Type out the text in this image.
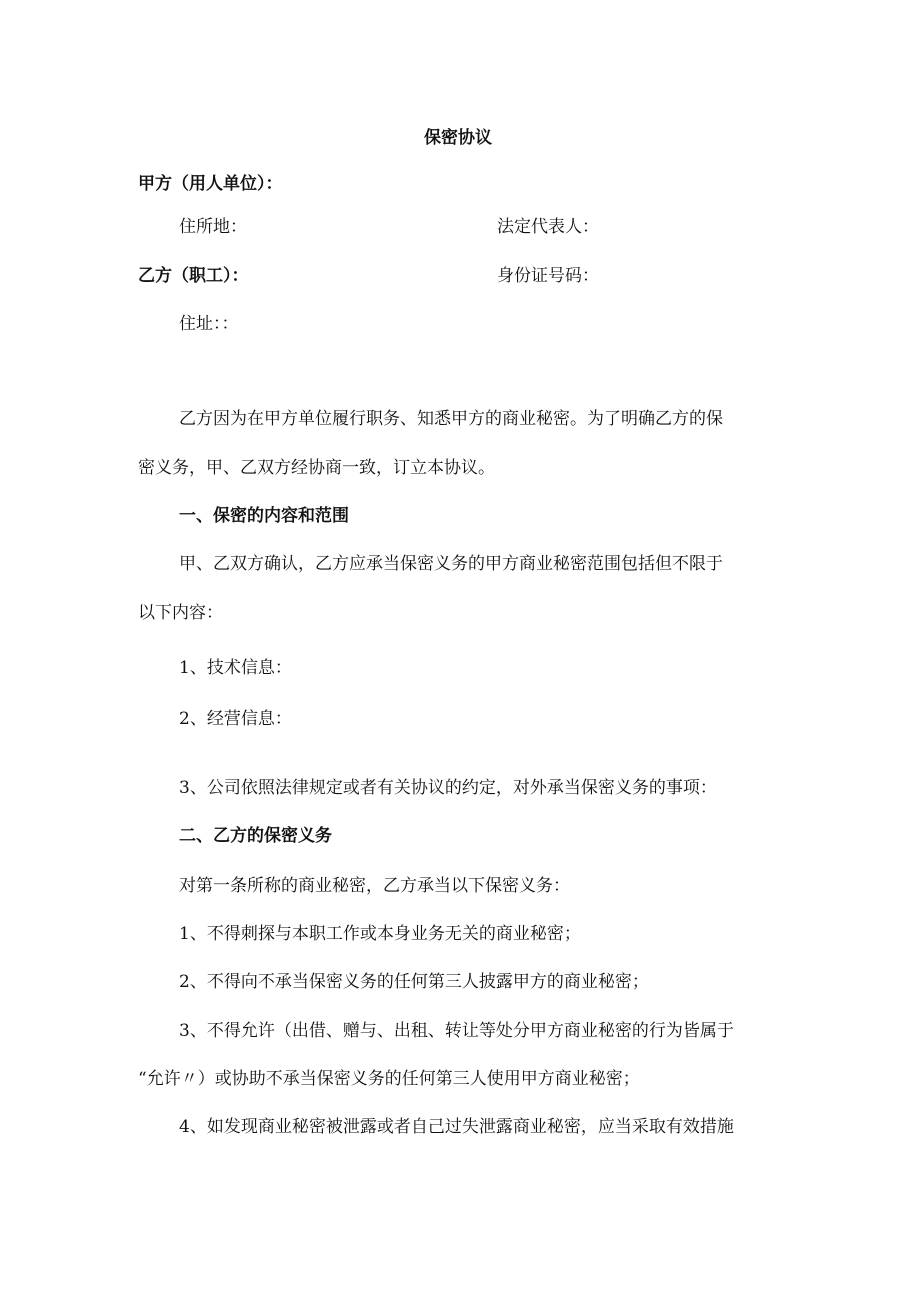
保密协议
甲方（用人单位）：
住所地：	法定代表人：
乙方（职工）：	身份证号码：
住址：：
乙方因为在甲方单位履行职务、知悉甲方的商业秘密。为了明确乙方的保
密义务，甲、乙双方经协商一致，订立本协议。
一、保密的内容和范围
甲、乙双方确认，乙方应承当保密义务的甲方商业秘密范围包括但不限于
以下内容：
1、技术信息：
2、经营信息：
3、公司依照法律规定或者有关协议的约定，对外承当保密义务的事项：
二、乙方的保密义务
对第一条所称的商业秘密，乙方承当以下保密义务：
1、不得刺探与本职工作或本身业务无关的商业秘密；
2、不得向不承当保密义务的任何第三人披露甲方的商业秘密；
3、不得允许（出借、赠与、出租、转让等处分甲方商业秘密的行为皆属于
“允许〃）或协助不承当保密义务的任何第三人使用甲方商业秘密；
4、如发现商业秘密被泄露或者自己过失泄露商业秘密，应当采取有效措施
